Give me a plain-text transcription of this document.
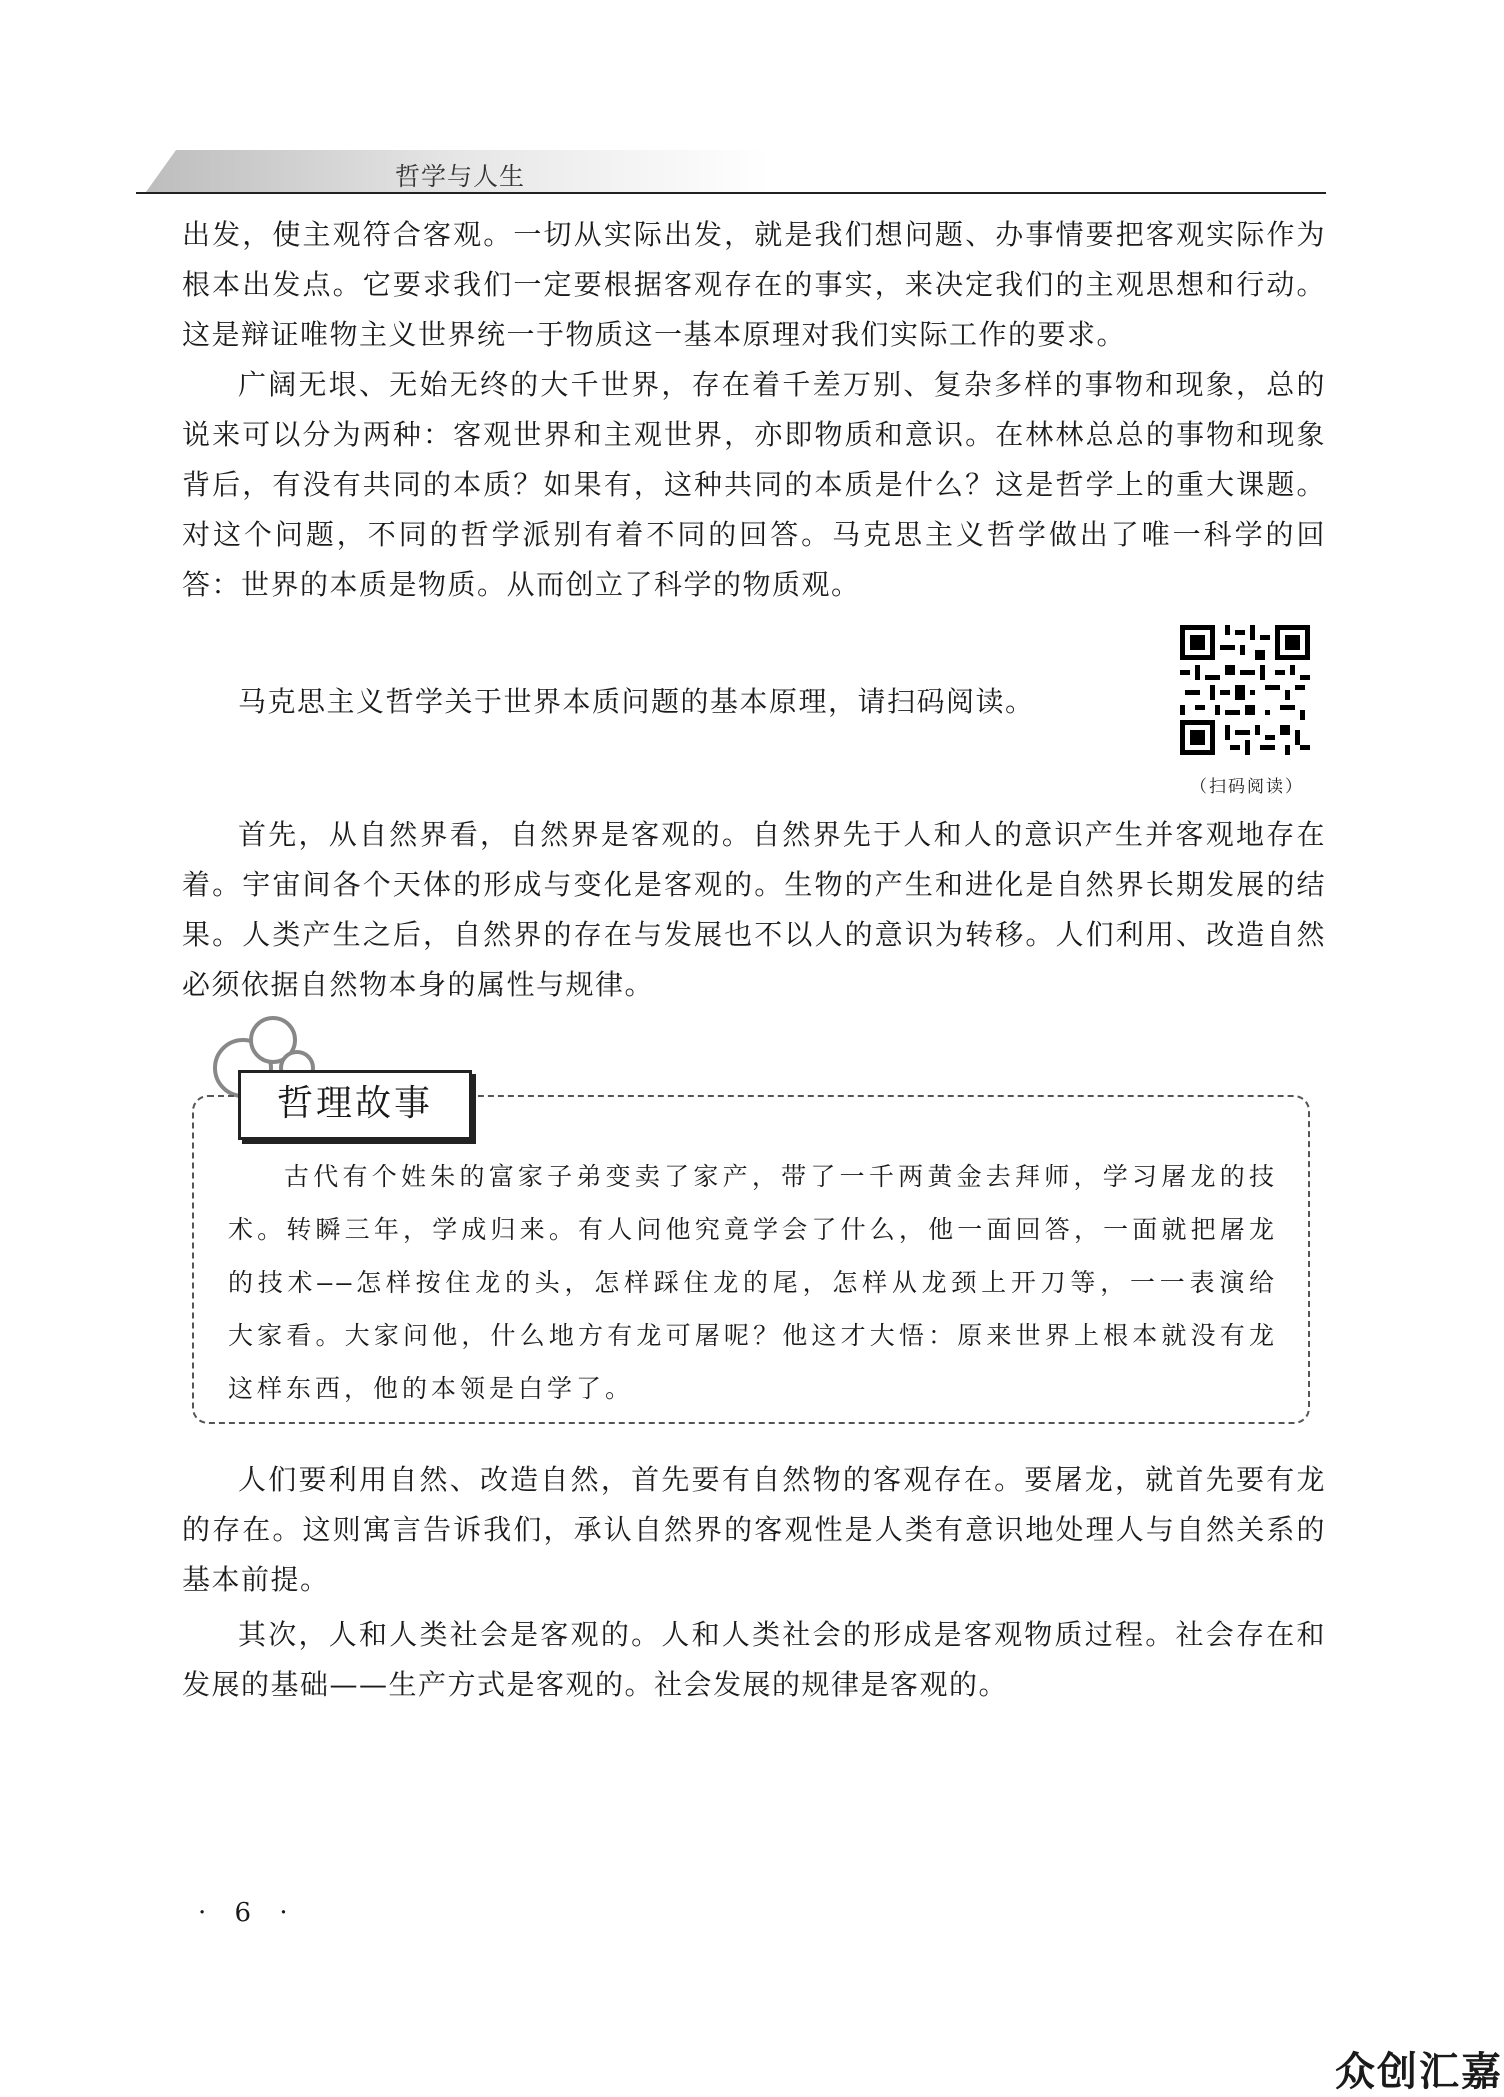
哲学与人生
出发，使主观符合客观。一切从实际出发，就是我们想问题、办事情要把客观实际作为根本出发点。它要求我们一定要根据客观存在的事实，来决定我们的主观思想和行动。这是辩证唯物主义世界统一于物质这一基本原理对我们实际工作的要求。
广阔无垠、无始无终的大千世界，存在着千差万别、复杂多样的事物和现象，总的说来可以分为两种：客观世界和主观世界，亦即物质和意识。在林林总总的事物和现象背后，有没有共同的本质？如果有，这种共同的本质是什么？这是哲学上的重大课题。对这个问题，不同的哲学派别有着不同的回答。马克思主义哲学做出了唯一科学的回答：世界的本质是物质。从而创立了科学的物质观。
马克思主义哲学关于世界本质问题的基本原理，请扫码阅读。
（扫码阅读）
首先，从自然界看，自然界是客观的。自然界先于人和人的意识产生并客观地存在着。宇宙间各个天体的形成与变化是客观的。生物的产生和进化是自然界长期发展的结果。人类产生之后，自然界的存在与发展也不以人的意识为转移。人们利用、改造自然必须依据自然物本身的属性与规律。
哲理故事
古代有个姓朱的富家子弟变卖了家产，带了一千两黄金去拜师，学习屠龙的技术。转瞬三年，学成归来。有人问他究竟学会了什么，他一面回答，一面就把屠龙的技术——怎样按住龙的头，怎样踩住龙的尾，怎样从龙颈上开刀等，一一表演给大家看。大家问他，什么地方有龙可屠呢？他这才大悟：原来世界上根本就没有龙这样东西，他的本领是白学了。
人们要利用自然、改造自然，首先要有自然物的客观存在。要屠龙，就首先要有龙的存在。这则寓言告诉我们，承认自然界的客观性是人类有意识地处理人与自然关系的基本前提。
其次，人和人类社会是客观的。人和人类社会的形成是客观物质过程。社会存在和发展的基础——生产方式是客观的。社会发展的规律是客观的。
· 6 ·
众创汇嘉
